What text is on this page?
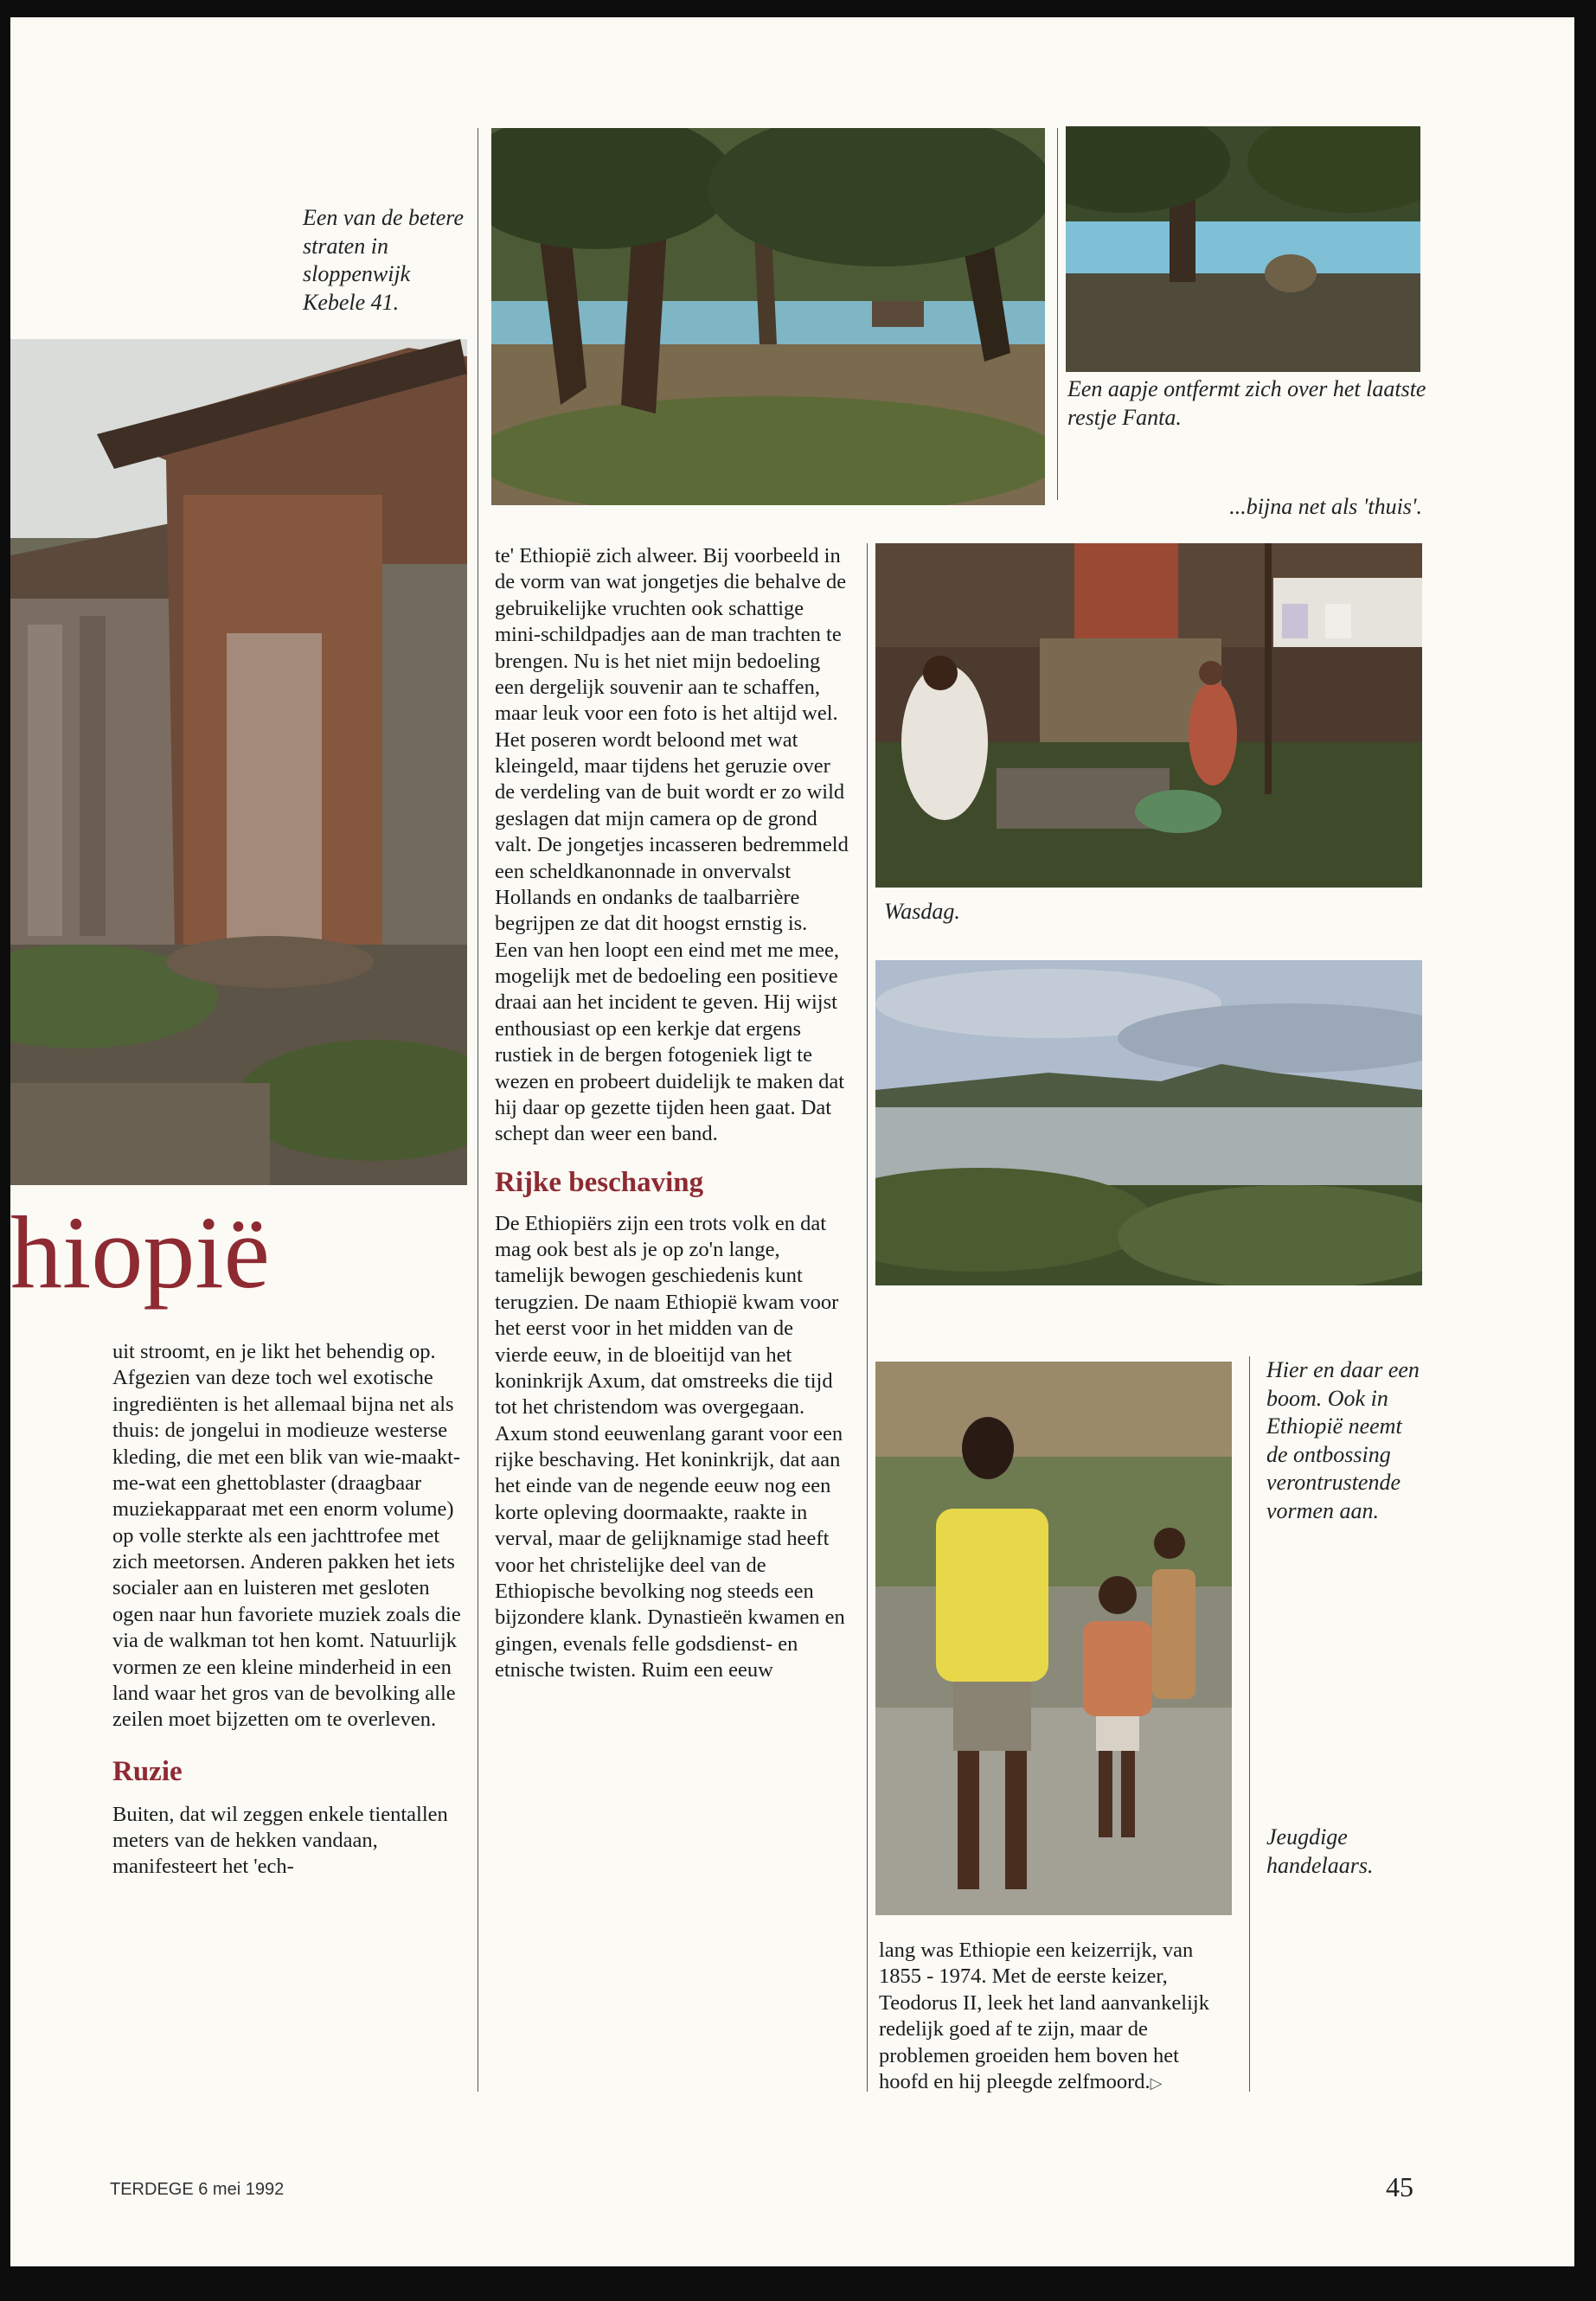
Een van de betere straten in sloppenwijk Kebele 41.
hiopië

uit stroomt, en je likt het behendig op.

Afgezien van deze toch wel exotische ingrediënten is het allemaal bijna net als thuis: de jongelui in modieuze westerse kleding, die met een blik van wie-maakt-me-wat een ghettoblaster (draagbaar muziekapparaat met een enorm volume) op volle sterkte als een jachttrofee met zich meetorsen. Anderen pakken het iets socialer aan en luisteren met gesloten ogen naar hun favoriete muziek zoals die via de walkman tot hen komt. Natuurlijk vormen ze een kleine minderheid in een land waar het gros van de bevolking alle zeilen moet bijzetten om te overleven.

Ruzie

Buiten, dat wil zeggen enkele tientallen meters van de hekken vandaan, manifesteert het 'ech-

Een aapje ontfermt zich over het laatste restje Fanta.
...bijna net als 'thuis'.

te' Ethiopië zich alweer. Bij voorbeeld in de vorm van wat jongetjes die behalve de gebruikelijke vruchten ook schattige mini-schildpadjes aan de man trachten te brengen. Nu is het niet mijn bedoeling een dergelijk souvenir aan te schaffen, maar leuk voor een foto is het altijd wel. Het poseren wordt beloond met wat kleingeld, maar tijdens het geruzie over de verdeling van de buit wordt er zo wild geslagen dat mijn camera op de grond valt. De jongetjes incasseren bedremmeld een scheldkanonnade in onvervalst Hollands en ondanks de taalbarrière begrijpen ze dat dit hoogst ernstig is.

Een van hen loopt een eind met me mee, mogelijk met de bedoeling een positieve draai aan het incident te geven. Hij wijst enthousiast op een kerkje dat ergens rustiek in de bergen fotogeniek ligt te wezen en probeert duidelijk te maken dat hij daar op gezette tijden heen gaat. Dat schept dan weer een band.

Rijke beschaving

De Ethiopiërs zijn een trots volk en dat mag ook best als je op zo'n lange, tamelijk bewogen geschiedenis kunt terugzien. De naam Ethiopië kwam voor het eerst voor in het midden van de vierde eeuw, in de bloeitijd van het koninkrijk Axum, dat omstreeks die tijd tot het christendom was overgegaan. Axum stond eeuwenlang garant voor een rijke beschaving. Het koninkrijk, dat aan het einde van de negende eeuw nog een korte opleving doormaakte, raakte in verval, maar de gelijknamige stad heeft voor het christelijke deel van de Ethiopische bevolking nog steeds een bijzondere klank. Dynastieën kwamen en gingen, evenals felle godsdienst- en etnische twisten. Ruim een eeuw

Wasdag.
Hier en daar een boom. Ook in Ethiopië neemt de ontbossing verontrustende vormen aan.
Jeugdige handelaars.

lang was Ethiopie een keizerrijk, van 1855 - 1974. Met de eerste keizer, Teodorus II, leek het land aanvankelijk redelijk goed af te zijn, maar de problemen groeiden hem boven het hoofd en hij pleegde zelfmoord.▷

TERDEGE 6 mei 1992	45
